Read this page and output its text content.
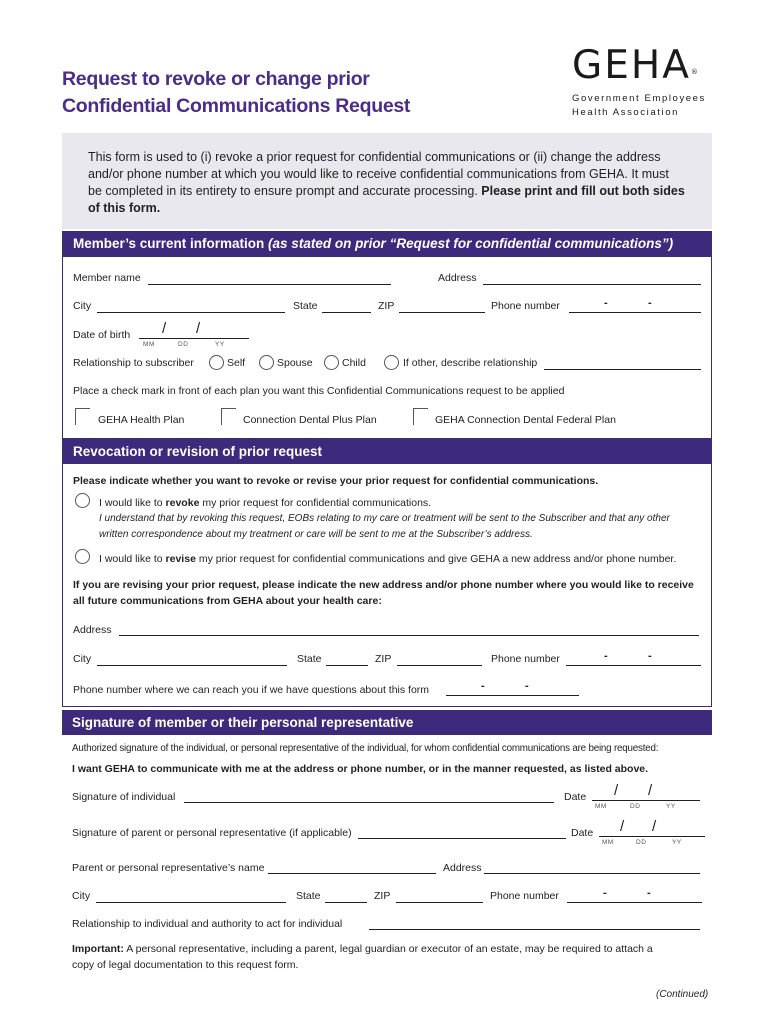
Request to revoke or change prior
Confidential Communications Request
GEHA®
Government Employees
Health Association
This form is used to (i) revoke a prior request for confidential communications or (ii) change the address and/or phone number at which you would like to receive confidential communications from GEHA. It must be completed in its entirety to ensure prompt and accurate processing. Please print and fill out both sides of this form.
Member’s current information (as stated on prior “Request for confidential communications”)
Member name	Address
City	State	ZIP	Phone number	-	-
Date of birth / /
MM	DD	YY
Relationship to subscriber	Self	Spouse	Child	If other, describe relationship
Place a check mark in front of each plan you want this Confidential Communications request to be applied
GEHA Health Plan	Connection Dental Plus Plan	GEHA Connection Dental Federal Plan
Revocation or revision of prior request
Please indicate whether you want to revoke or revise your prior request for confidential communications.
I would like to revoke my prior request for confidential communications.
I understand that by revoking this request, EOBs relating to my care or treatment will be sent to the Subscriber and that any other
written correspondence about my treatment or care will be sent to me at the Subscriber’s address.
I would like to revise my prior request for confidential communications and give GEHA a new address and/or phone number.
If you are revising your prior request, please indicate the new address and/or phone number where you would like to receive
all future communications from GEHA about your health care:
Address
City	State	ZIP	Phone number	-	-
Phone number where we can reach you if we have questions about this form	-	-
Signature of member or their personal representative
Authorized signature of the individual, or personal representative of the individual, for whom confidential communications are being requested:
I want GEHA to communicate with me at the address or phone number, or in the manner requested, as listed above.
Signature of individual	Date / /
MM	DD	YY
Signature of parent or personal representative (if applicable)	Date / /
MM	DD	YY
Parent or personal representative’s name	Address
City	State	ZIP	Phone number	-	-
Relationship to individual and authority to act for individual
Important: A personal representative, including a parent, legal guardian or executor of an estate, may be required to attach a
copy of legal documentation to this request form.
(Continued)
